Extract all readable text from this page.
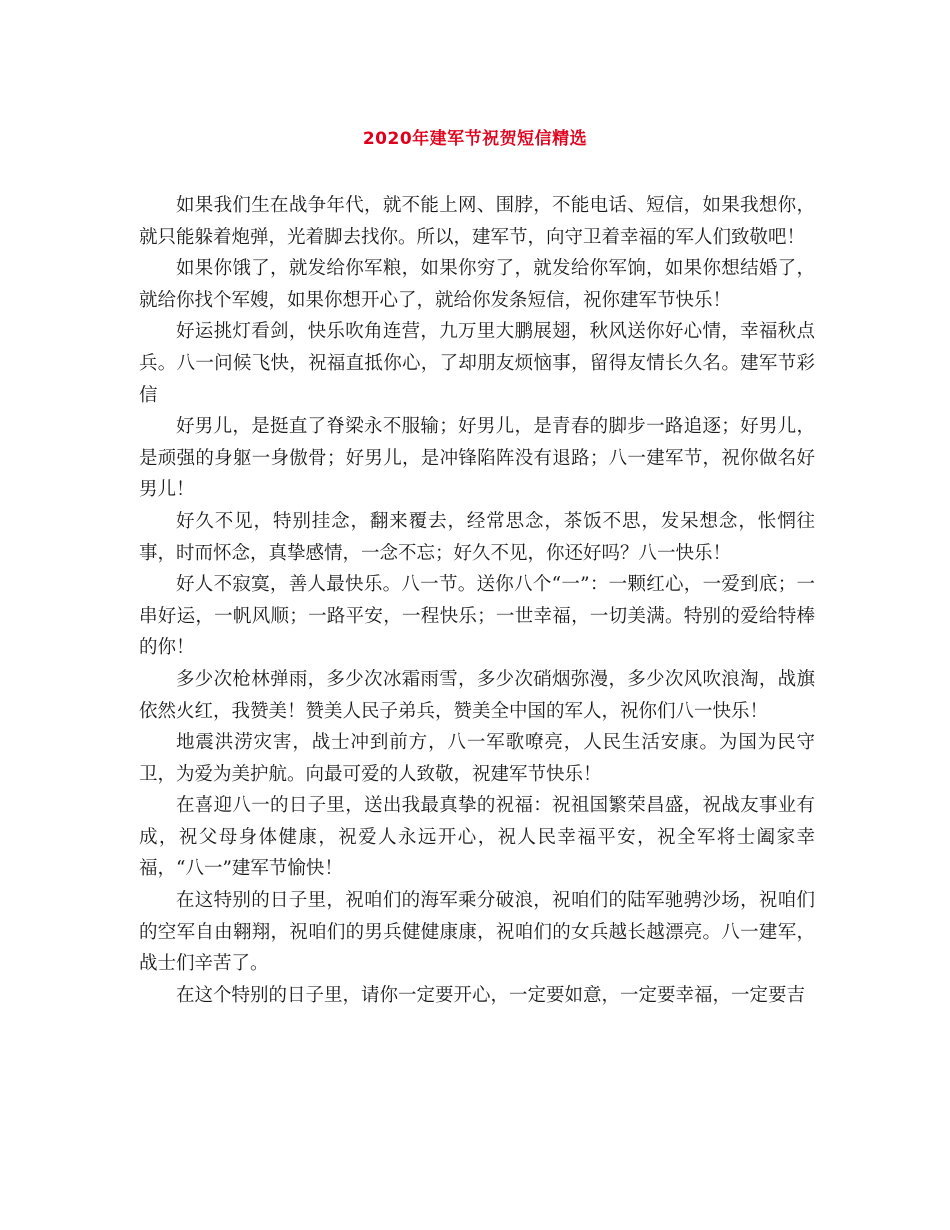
2020年建军节祝贺短信精选

如果我们生在战争年代，就不能上网、围脖，不能电话、短信，如果我想你，就只能躲着炮弹，光着脚去找你。所以，建军节，向守卫着幸福的军人们致敬吧！

如果你饿了，就发给你军粮，如果你穷了，就发给你军饷，如果你想结婚了，就给你找个军嫂，如果你想开心了，就给你发条短信，祝你建军节快乐！

好运挑灯看剑，快乐吹角连营，九万里大鹏展翅，秋风送你好心情，幸福秋点兵。八一问候飞快，祝福直抵你心，了却朋友烦恼事，留得友情长久名。建军节彩信

好男儿，是挺直了脊梁永不服输；好男儿，是青春的脚步一路追逐；好男儿，是顽强的身躯一身傲骨；好男儿，是冲锋陷阵没有退路；八一建军节，祝你做名好男儿！

好久不见，特别挂念，翻来覆去，经常思念，茶饭不思，发呆想念，怅惘往事，时而怀念，真挚感情，一念不忘；好久不见，你还好吗？八一快乐！

好人不寂寞，善人最快乐。八一节。送你八个“一”：一颗红心，一爱到底；一串好运，一帆风顺；一路平安，一程快乐；一世幸福，一切美满。特别的爱给特棒的你！

多少次枪林弹雨，多少次冰霜雨雪，多少次硝烟弥漫，多少次风吹浪淘，战旗依然火红，我赞美！赞美人民子弟兵，赞美全中国的军人，祝你们八一快乐！

地震洪涝灾害，战士冲到前方，八一军歌嘹亮，人民生活安康。为国为民守卫，为爱为美护航。向最可爱的人致敬，祝建军节快乐！

在喜迎八一的日子里，送出我最真挚的祝福：祝祖国繁荣昌盛，祝战友事业有成，祝父母身体健康，祝爱人永远开心，祝人民幸福平安，祝全军将士阖家幸福，“八一”建军节愉快！

在这特别的日子里，祝咱们的海军乘分破浪，祝咱们的陆军驰骋沙场，祝咱们的空军自由翱翔，祝咱们的男兵健健康康，祝咱们的女兵越长越漂亮。八一建军，战士们辛苦了。

在这个特别的日子里，请你一定要开心，一定要如意，一定要幸福，一定要吉
